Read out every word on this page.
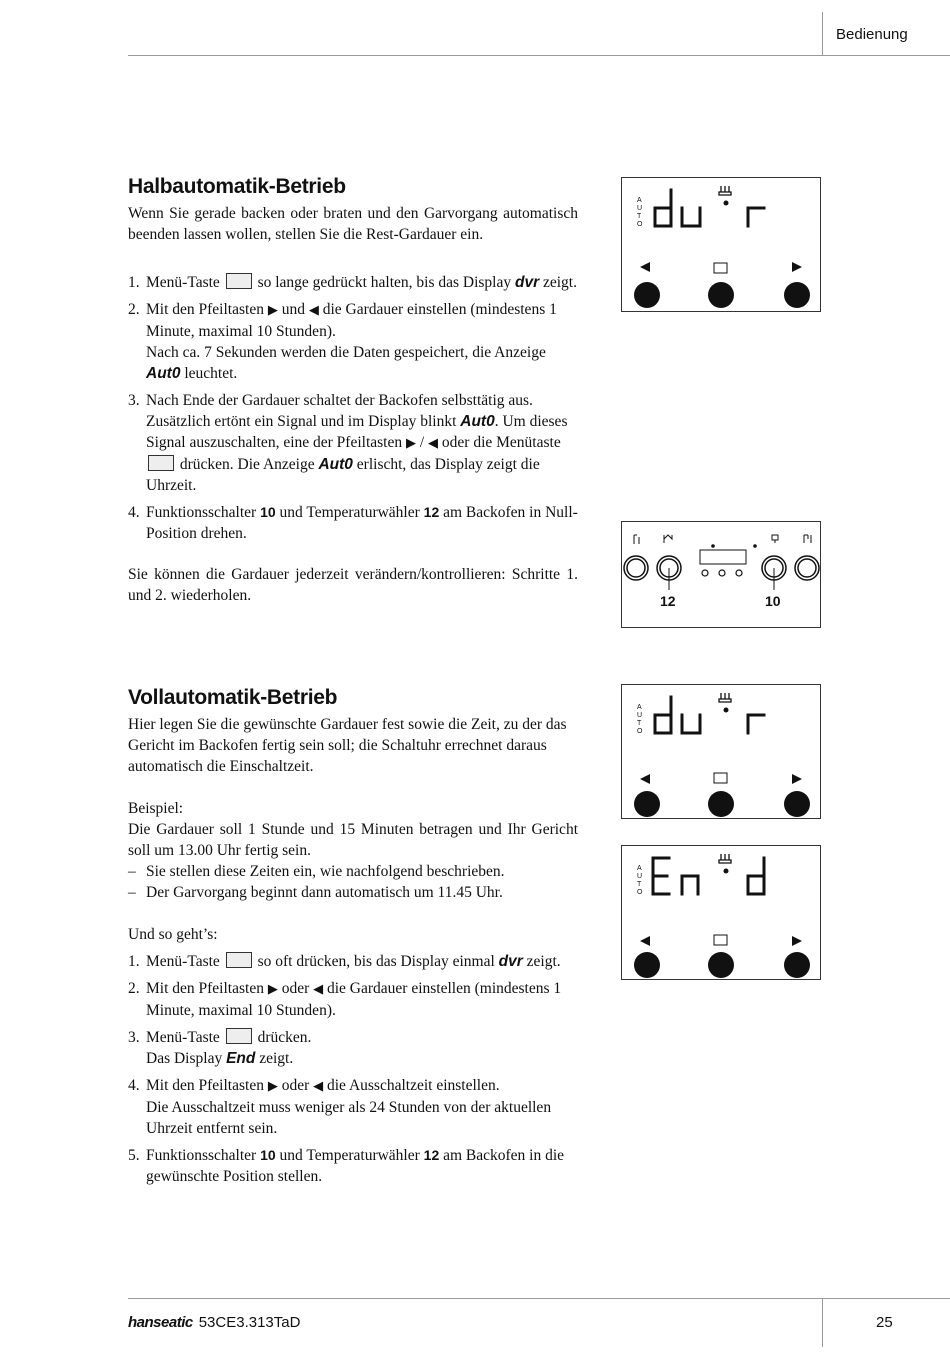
Bedienung
hanseatic 53CE3.313TaD	25
Halbautomatik-Betrieb

Wenn Sie gerade backen oder braten und den Garvorgang automatisch beenden lassen wollen, stellen Sie die Rest-Gardauer ein.

1. Menü-Taste so lange gedrückt halten, bis das Display dvr zeigt.
2. Mit den Pfeiltasten ▶ und ◀ die Gardauer einstellen (mindestens 1 Minute, maximal 10 Stunden).
Nach ca. 7 Sekunden werden die Daten gespeichert, die Anzeige Aut0 leuchtet.
3. Nach Ende der Gardauer schaltet der Backofen selbsttätig aus. Zusätzlich ertönt ein Signal und im Display blinkt Aut0. Um dieses Signal auszuschalten, eine der Pfeiltasten ▶ / ◀ oder die Menütaste  drücken. Die Anzeige Aut0 erlischt, das Display zeigt die Uhrzeit.
4. Funktionsschalter 10 und Temperaturwähler 12 am Backofen in Null-Position drehen.

Sie können die Gardauer jederzeit verändern/kontrollieren: Schritte 1. und 2. wiederholen.

Vollautomatik-Betrieb

Hier legen Sie die gewünschte Gardauer fest sowie die Zeit, zu der das Gericht im Backofen fertig sein soll; die Schaltuhr errechnet daraus automatisch die Einschaltzeit.

Beispiel:

Die Gardauer soll 1 Stunde und 15 Minuten betragen und Ihr Gericht soll um 13.00 Uhr fertig sein.

– Sie stellen diese Zeiten ein, wie nachfolgend beschrieben.
– Der Garvorgang beginnt dann automatisch um 11.45 Uhr.

Und so geht’s:

1. Menü-Taste so oft drücken, bis das Display einmal dvr zeigt.
2. Mit den Pfeiltasten ▶ oder ◀ die Gardauer einstellen (mindestens 1 Minute, maximal 10 Stunden).
3. Menü-Taste drücken.
Das Display End zeigt.
4. Mit den Pfeiltasten ▶ oder ◀ die Ausschaltzeit einstellen.
Die Ausschaltzeit muss weniger als 24 Stunden von der aktuellen Uhrzeit entfernt sein.
5. Funktionsschalter 10 und Temperaturwähler 12 am Backofen in die gewünschte Position stellen.
A
U
T
O
12	10
A
U
T
O
A
U
T
O
